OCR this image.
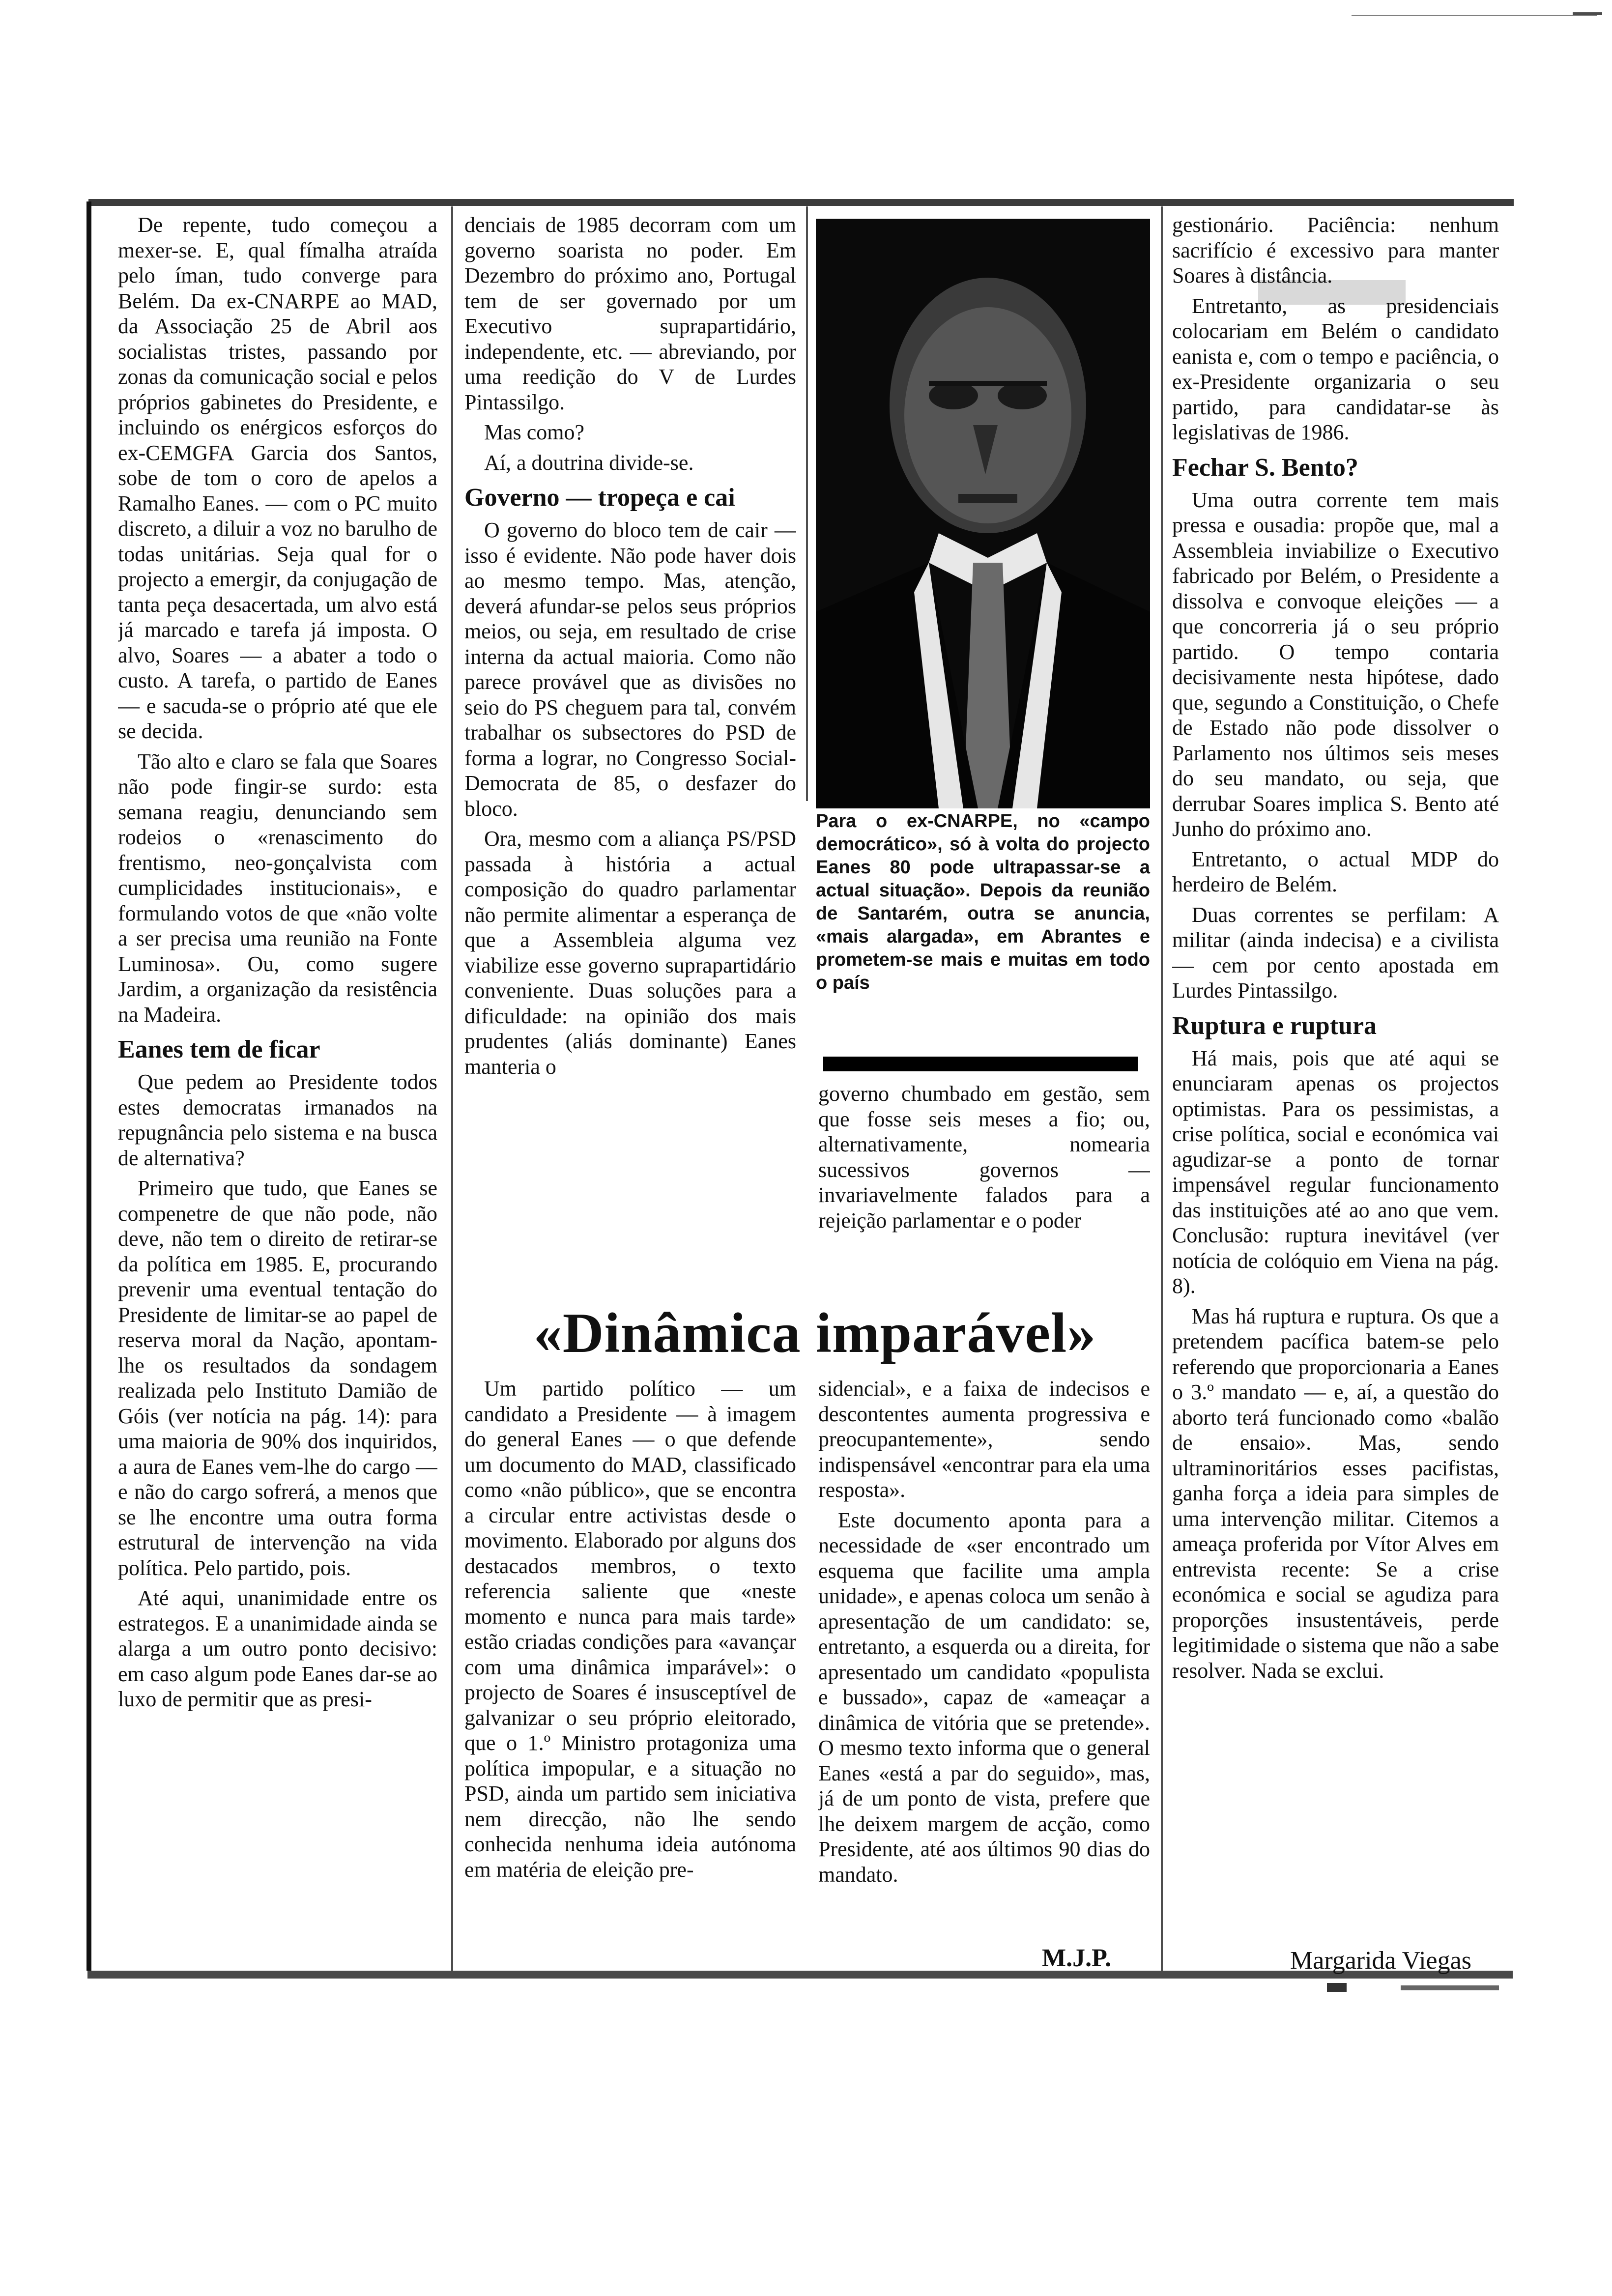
De repente, tudo começou a mexer-se. E, qual fímalha atraída pelo íman, tudo converge para Belém. Da ex-CNARPE ao MAD, da Associação 25 de Abril aos socialistas tristes, passando por zonas da comunicação social e pelos próprios gabinetes do Presidente, e incluindo os enérgicos esforços do ex-CEMGFA Garcia dos Santos, sobe de tom o coro de apelos a Ramalho Eanes. — com o PC muito discreto, a diluir a voz no barulho de todas unitárias. Seja qual for o projecto a emergir, da conjugação de tanta peça desacertada, um alvo está já marcado e tarefa já imposta. O alvo, Soares — a abater a todo o custo. A tarefa, o partido de Eanes — e sacuda-se o próprio até que ele se decida.

Tão alto e claro se fala que Soares não pode fingir-se surdo: esta semana reagiu, denunciando sem rodeios o «renascimento do frentismo, neo-gonçalvista com cumplicidades institucionais», e formulando votos de que «não volte a ser precisa uma reunião na Fonte Luminosa». Ou, como sugere Jardim, a organização da resistência na Madeira.

Eanes tem de ficar

Que pedem ao Presidente todos estes democratas irmanados na repugnância pelo sistema e na busca de alternativa?

Primeiro que tudo, que Eanes se compenetre de que não pode, não deve, não tem o direito de retirar-se da política em 1985. E, procurando prevenir uma eventual tentação do Presidente de limitar-se ao papel de reserva moral da Nação, apontam-lhe os resultados da sondagem realizada pelo Instituto Damião de Góis (ver notícia na pág. 14): para uma maioria de 90% dos inquiridos, a aura de Eanes vem-lhe do cargo — e não do cargo sofrerá, a menos que se lhe encontre uma outra forma estrutural de intervenção na vida política. Pelo partido, pois.

Até aqui, unanimidade entre os estrategos. E a unanimidade ainda se alarga a um outro ponto decisivo: em caso algum pode Eanes dar-se ao luxo de permitir que as presi-

denciais de 1985 decorram com um governo soarista no poder. Em Dezembro do próximo ano, Portugal tem de ser governado por um Executivo suprapartidário, independente, etc. — abreviando, por uma reedição do V de Lurdes Pintassilgo.

Mas como?

Aí, a doutrina divide-se.

Governo — tropeça e cai

O governo do bloco tem de cair — isso é evidente. Não pode haver dois ao mesmo tempo. Mas, atenção, deverá afundar-se pelos seus próprios meios, ou seja, em resultado de crise interna da actual maioria. Como não parece provável que as divisões no seio do PS cheguem para tal, convém trabalhar os subsectores do PSD de forma a lograr, no Congresso Social-Democrata de 85, o desfazer do bloco.

Ora, mesmo com a aliança PS/PSD passada à história a actual composição do quadro parlamentar não permite alimentar a esperança de que a Assembleia alguma vez viabilize esse governo suprapartidário conveniente. Duas soluções para a dificuldade: na opinião dos mais prudentes (aliás dominante) Eanes manteria o

Para o ex-CNARPE, no «campo democrático», só à volta do projecto Eanes 80 pode ultrapassar-se a actual situação». Depois da reunião de Santarém, outra se anuncia, «mais alargada», em Abrantes e prometem-se mais e muitas em todo o país

governo chumbado em gestão, sem que fosse seis meses a fio; ou, alternativamente, nomearia sucessivos governos — invariavelmente falados para a rejeição parlamentar e o poder

«Dinâmica imparável»

Um partido político — um candidato a Presidente — à imagem do general Eanes — o que defende um documento do MAD, classificado como «não público», que se encontra a circular entre activistas desde o movimento. Elaborado por alguns dos destacados membros, o texto referencia saliente que «neste momento e nunca para mais tarde» estão criadas condições para «avançar com uma dinâmica imparável»: o projecto de Soares é insusceptível de galvanizar o seu próprio eleitorado, que o 1.º Ministro protagoniza uma política impopular, e a situação no PSD, ainda um partido sem iniciativa nem direcção, não lhe sendo conhecida nenhuma ideia autónoma em matéria de eleição pre-

sidencial», e a faixa de indecisos e descontentes aumenta progressiva e preocupantemente», sendo indispensável «encontrar para ela uma resposta».

Este documento aponta para a necessidade de «ser encontrado um esquema que facilite uma ampla unidade», e apenas coloca um senão à apresentação de um candidato: se, entretanto, a esquerda ou a direita, for apresentado um candidato «populista e bussado», capaz de «ameaçar a dinâmica de vitória que se pretende». O mesmo texto informa que o general Eanes «está a par do seguido», mas, já de um ponto de vista, prefere que lhe deixem margem de acção, como Presidente, até aos últimos 90 dias do mandato.

gestionário. Paciência: nenhum sacrifício é excessivo para manter Soares à distância.

Entretanto, as presidenciais colocariam em Belém o candidato eanista e, com o tempo e paciência, o ex-Presidente organizaria o seu partido, para candidatar-se às legislativas de 1986.

Fechar S. Bento?

Uma outra corrente tem mais pressa e ousadia: propõe que, mal a Assembleia inviabilize o Executivo fabricado por Belém, o Presidente a dissolva e convoque eleições — a que concorreria já o seu próprio partido. O tempo contaria decisivamente nesta hipótese, dado que, segundo a Constituição, o Chefe de Estado não pode dissolver o Parlamento nos últimos seis meses do seu mandato, ou seja, que derrubar Soares implica S. Bento até Junho do próximo ano.

Entretanto, o actual MDP do herdeiro de Belém.

Duas correntes se perfilam: A militar (ainda indecisa) e a civilista — cem por cento apostada em Lurdes Pintassilgo.

Ruptura e ruptura

Há mais, pois que até aqui se enunciaram apenas os projectos optimistas. Para os pessimistas, a crise política, social e económica vai agudizar-se a ponto de tornar impensável regular funcionamento das instituições até ao ano que vem. Conclusão: ruptura inevitável (ver notícia de colóquio em Viena na pág. 8).

Mas há ruptura e ruptura. Os que a pretendem pacífica batem-se pelo referendo que proporcionaria a Eanes o 3.º mandato — e, aí, a questão do aborto terá funcionado como «balão de ensaio». Mas, sendo ultraminoritários esses pacifistas, ganha força a ideia para simples de uma intervenção militar. Citemos a ameaça proferida por Vítor Alves em entrevista recente: Se a crise económica e social se agudiza para proporções insustentáveis, perde legitimidade o sistema que não a sabe resolver. Nada se exclui.

M.J.P.	Margarida Viegas
